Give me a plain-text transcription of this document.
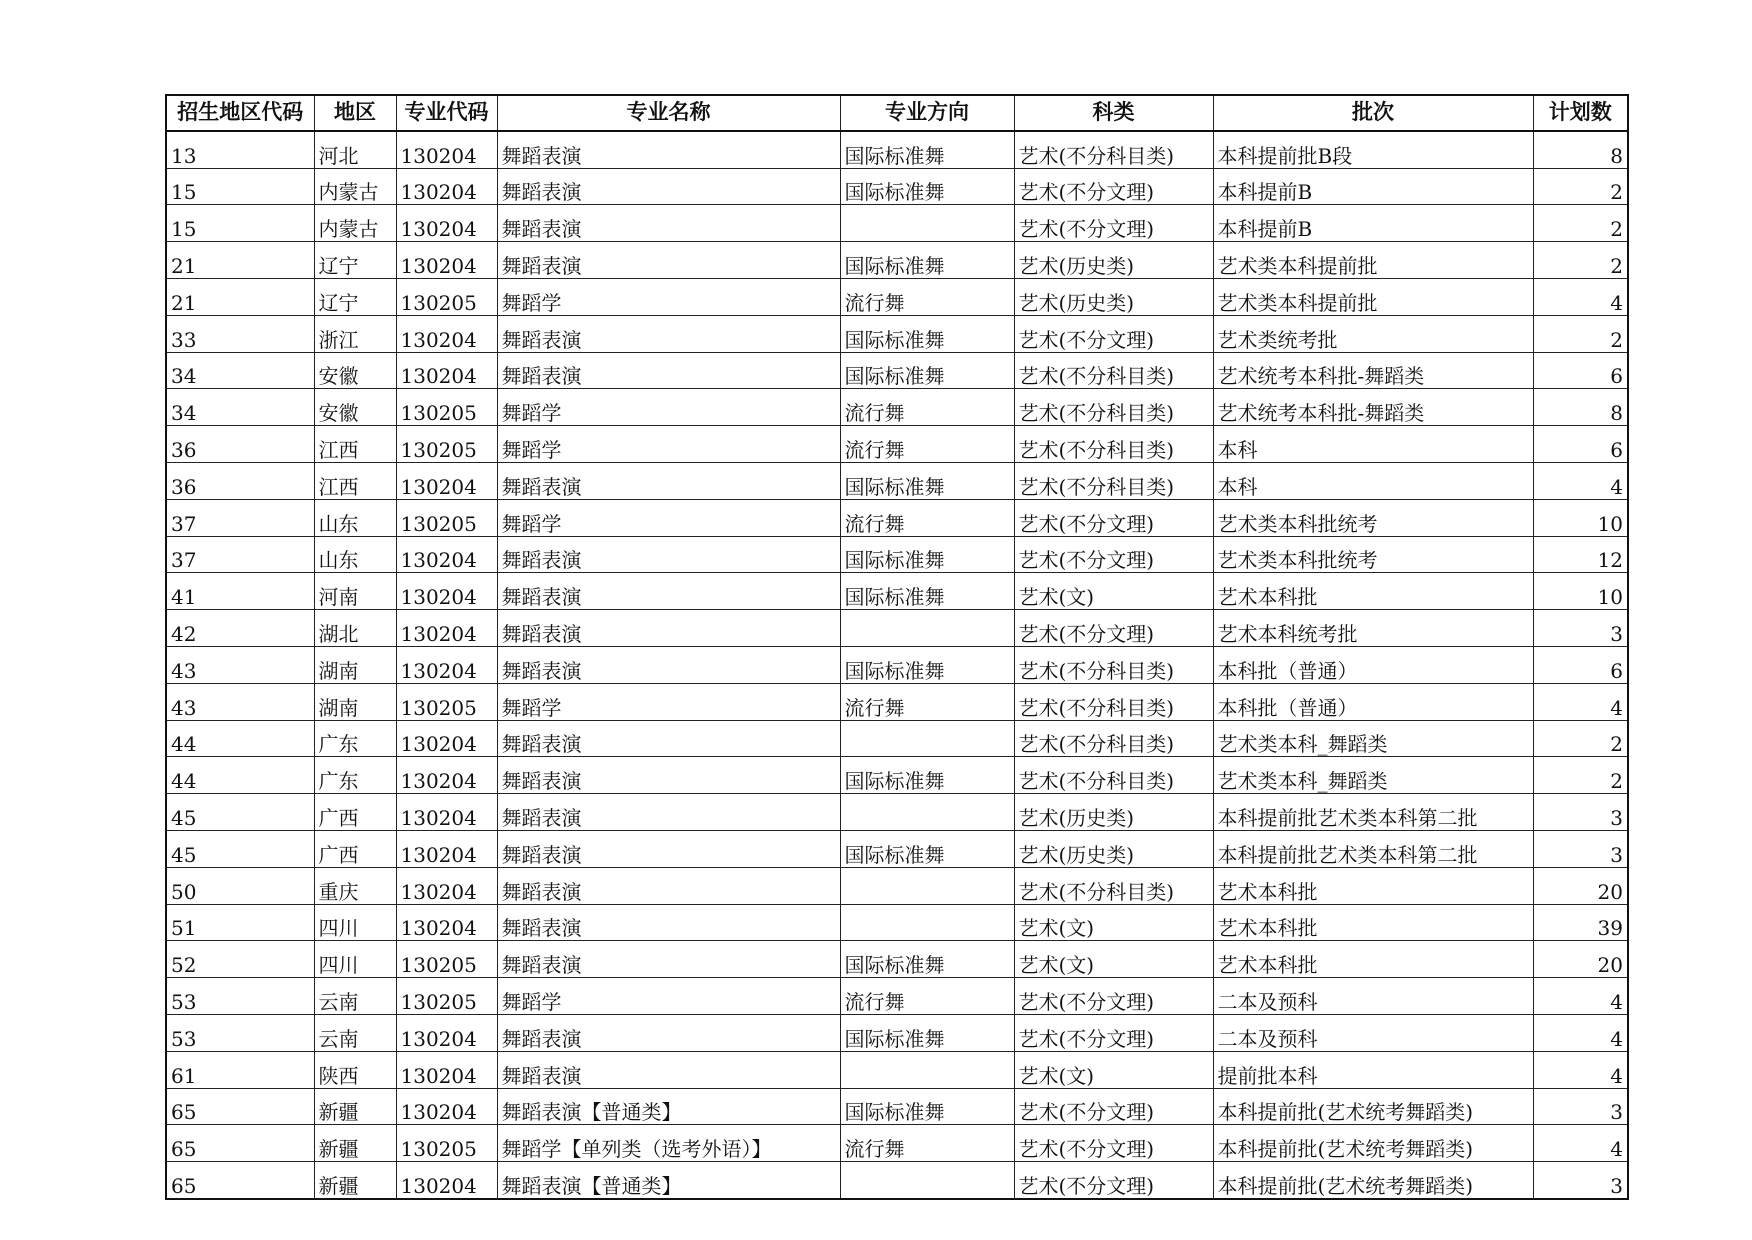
招生地区代码	地区	专业代码	专业名称	专业方向	科类	批次	计划数
13	河北	130204	舞蹈表演	国际标准舞	艺术(不分科目类)	本科提前批B段	8
15	内蒙古	130204	舞蹈表演	国际标准舞	艺术(不分文理)	本科提前B	2
15	内蒙古	130204	舞蹈表演		艺术(不分文理)	本科提前B	2
21	辽宁	130204	舞蹈表演	国际标准舞	艺术(历史类)	艺术类本科提前批	2
21	辽宁	130205	舞蹈学	流行舞	艺术(历史类)	艺术类本科提前批	4
33	浙江	130204	舞蹈表演	国际标准舞	艺术(不分文理)	艺术类统考批	2
34	安徽	130204	舞蹈表演	国际标准舞	艺术(不分科目类)	艺术统考本科批-舞蹈类	6
34	安徽	130205	舞蹈学	流行舞	艺术(不分科目类)	艺术统考本科批-舞蹈类	8
36	江西	130205	舞蹈学	流行舞	艺术(不分科目类)	本科	6
36	江西	130204	舞蹈表演	国际标准舞	艺术(不分科目类)	本科	4
37	山东	130205	舞蹈学	流行舞	艺术(不分文理)	艺术类本科批统考	10
37	山东	130204	舞蹈表演	国际标准舞	艺术(不分文理)	艺术类本科批统考	12
41	河南	130204	舞蹈表演	国际标准舞	艺术(文)	艺术本科批	10
42	湖北	130204	舞蹈表演		艺术(不分文理)	艺术本科统考批	3
43	湖南	130204	舞蹈表演	国际标准舞	艺术(不分科目类)	本科批（普通）	6
43	湖南	130205	舞蹈学	流行舞	艺术(不分科目类)	本科批（普通）	4
44	广东	130204	舞蹈表演		艺术(不分科目类)	艺术类本科_舞蹈类	2
44	广东	130204	舞蹈表演	国际标准舞	艺术(不分科目类)	艺术类本科_舞蹈类	2
45	广西	130204	舞蹈表演		艺术(历史类)	本科提前批艺术类本科第二批	3
45	广西	130204	舞蹈表演	国际标准舞	艺术(历史类)	本科提前批艺术类本科第二批	3
50	重庆	130204	舞蹈表演		艺术(不分科目类)	艺术本科批	20
51	四川	130204	舞蹈表演		艺术(文)	艺术本科批	39
52	四川	130205	舞蹈表演	国际标准舞	艺术(文)	艺术本科批	20
53	云南	130205	舞蹈学	流行舞	艺术(不分文理)	二本及预科	4
53	云南	130204	舞蹈表演	国际标准舞	艺术(不分文理)	二本及预科	4
61	陕西	130204	舞蹈表演		艺术(文)	提前批本科	4
65	新疆	130204	舞蹈表演【普通类】	国际标准舞	艺术(不分文理)	本科提前批(艺术统考舞蹈类)	3
65	新疆	130205	舞蹈学【单列类（选考外语）】	流行舞	艺术(不分文理)	本科提前批(艺术统考舞蹈类)	4
65	新疆	130204	舞蹈表演【普通类】		艺术(不分文理)	本科提前批(艺术统考舞蹈类)	3
